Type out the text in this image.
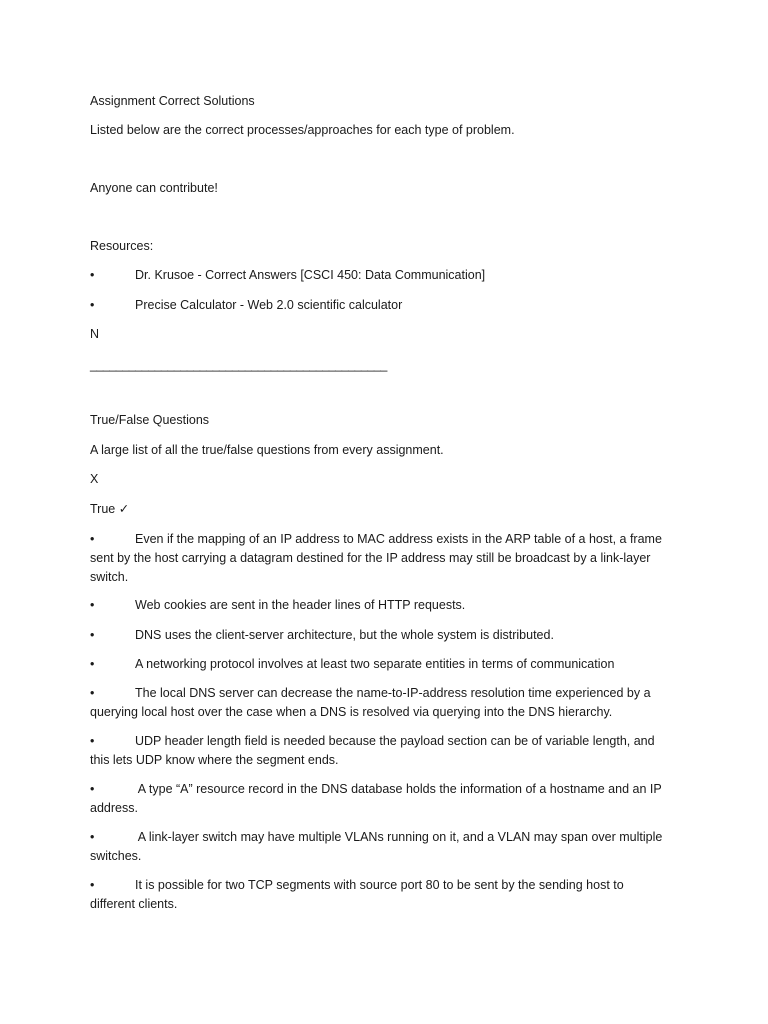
Assignment Correct Solutions
Listed below are the correct processes/approaches for each type of problem.
Anyone can contribute!
Resources:
•	Dr. Krusoe - Correct Answers [CSCI 450: Data Communication]
•	Precise Calculator - Web 2.0 scientific calculator
N
______________________________________________
True/False Questions
A large list of all the true/false questions from every assignment.
X
True ✓
•	Even if the mapping of an IP address to MAC address exists in the ARP table of a host, a frame sent by the host carrying a datagram destined for the IP address may still be broadcast by a link-layer switch.
•	Web cookies are sent in the header lines of HTTP requests.
•	DNS uses the client-server architecture, but the whole system is distributed.
•	A networking protocol involves at least two separate entities in terms of communication
•	The local DNS server can decrease the name-to-IP-address resolution time experienced by a querying local host over the case when a DNS is resolved via querying into the DNS hierarchy.
•	UDP header length field is needed because the payload section can be of variable length, and this lets UDP know where the segment ends.
•	A type “A” resource record in the DNS database holds the information of a hostname and an IP address.
•	A link-layer switch may have multiple VLANs running on it, and a VLAN may span over multiple switches.
•	It is possible for two TCP segments with source port 80 to be sent by the sending host to different clients.
